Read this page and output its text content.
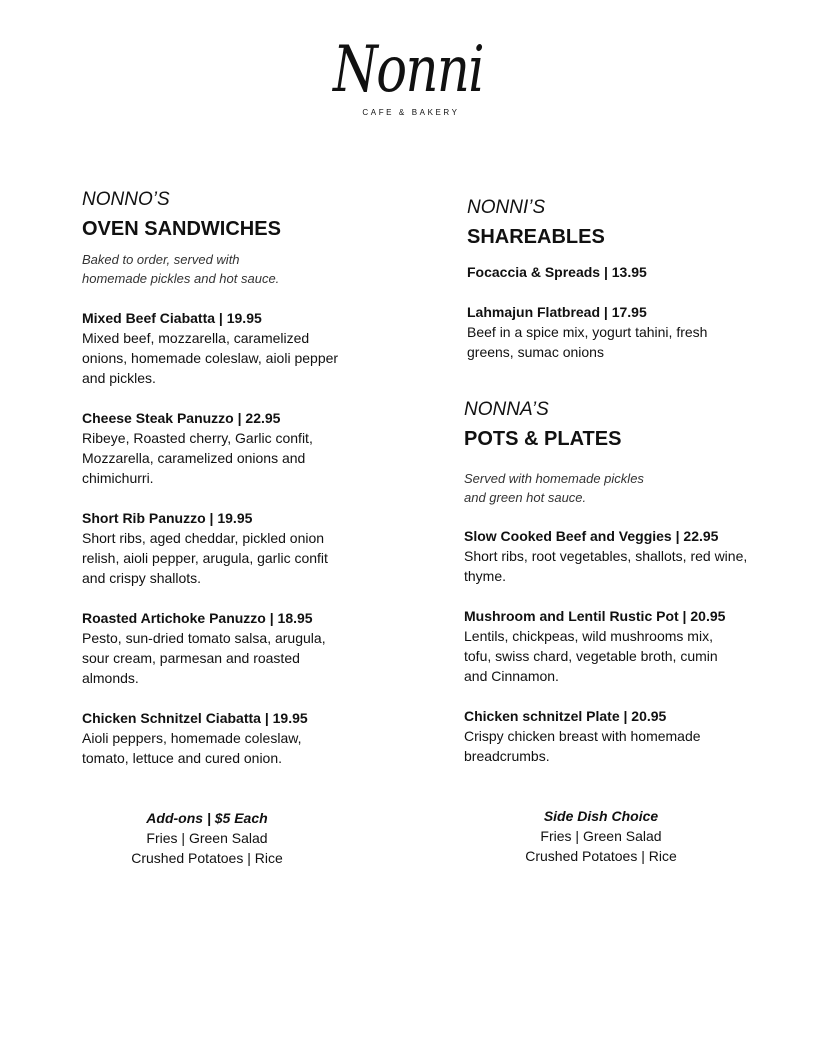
Nonni
CAFE & BAKERY
NONNO’S
OVEN SANDWICHES
Baked to order, served with
homemade pickles and hot sauce.

Mixed Beef Ciabatta | 19.95

Mixed beef, mozzarella, caramelized onions, homemade coleslaw, aioli pepper and pickles.

Cheese Steak Panuzzo | 22.95

Ribeye, Roasted cherry, Garlic confit, Mozzarella, caramelized onions and chimichurri.

Short Rib Panuzzo | 19.95

Short ribs, aged cheddar, pickled onion relish, aioli pepper, arugula, garlic confit and crispy shallots.

Roasted Artichoke Panuzzo | 18.95

Pesto, sun-dried tomato salsa, arugula, sour cream, parmesan and roasted almonds.

Chicken Schnitzel Ciabatta | 19.95

Aioli peppers, homemade coleslaw, tomato, lettuce and cured onion.

Add-ons | $5 Each
Fries | Green Salad
Crushed Potatoes | Rice
NONNI’S
SHAREABLES

Focaccia & Spreads | 13.95

Lahmajun Flatbread | 17.95

Beef in a spice mix, yogurt tahini, fresh greens, sumac onions

NONNA’S
POTS & PLATES
Served with homemade pickles
and green hot sauce.

Slow Cooked Beef and Veggies | 22.95

Short ribs, root vegetables, shallots, red wine, thyme.

Mushroom and Lentil Rustic Pot | 20.95

Lentils, chickpeas, wild mushrooms mix, tofu, swiss chard, vegetable broth, cumin and Cinnamon.

Chicken schnitzel Plate | 20.95

Crispy chicken breast with homemade breadcrumbs.

Side Dish Choice
Fries | Green Salad
Crushed Potatoes | Rice
